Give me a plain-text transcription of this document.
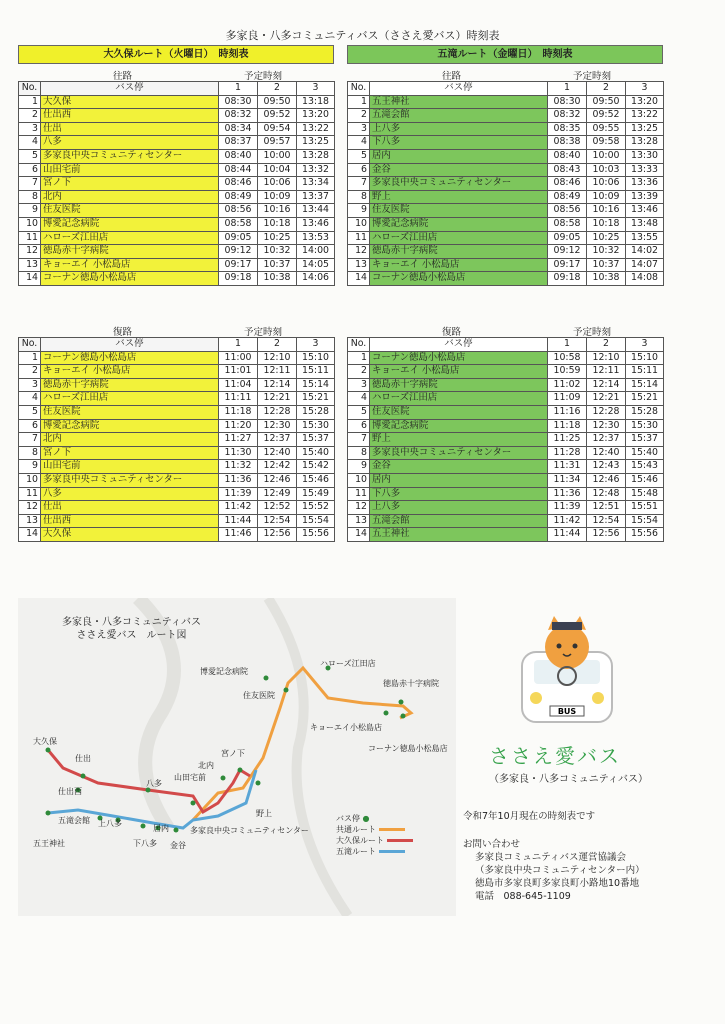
多家良・八多コミュニティバス（ささえ愛バス）時刻表
大久保ルート（火曜日）　時刻表
往路	予定時刻
No.	バス停	1	2	3
1	大久保	08:30	09:50	13:18
2	仕出西	08:32	09:52	13:20
3	仕出	08:34	09:54	13:22
4	八多	08:37	09:57	13:25
5	多家良中央コミュニティセンター	08:40	10:00	13:28
6	山田宅前	08:44	10:04	13:32
7	宮ノ下	08:46	10:06	13:34
8	北内	08:49	10:09	13:37
9	住友医院	08:56	10:16	13:44
10	博愛記念病院	08:58	10:18	13:46
11	ハローズ江田店	09:05	10:25	13:53
12	徳島赤十字病院	09:12	10:32	14:00
13	キョーエイ 小松島店	09:17	10:37	14:05
14	コーナン徳島小松島店	09:18	10:38	14:06
五滝ルート（金曜日）　時刻表
往路	予定時刻
No.	バス停	1	2	3
1	五王神社	08:30	09:50	13:20
2	五滝会館	08:32	09:52	13:22
3	上八多	08:35	09:55	13:25
4	下八多	08:38	09:58	13:28
5	居内	08:40	10:00	13:30
6	金谷	08:43	10:03	13:33
7	多家良中央コミュニティセンター	08:46	10:06	13:36
8	野上	08:49	10:09	13:39
9	住友医院	08:56	10:16	13:46
10	博愛記念病院	08:58	10:18	13:48
11	ハローズ江田店	09:05	10:25	13:55
12	徳島赤十字病院	09:12	10:32	14:02
13	キョーエイ 小松島店	09:17	10:37	14:07
14	コーナン徳島小松島店	09:18	10:38	14:08
復路	予定時刻
No.	バス停	1	2	3
1	コーナン徳島小松島店	11:00	12:10	15:10
2	キョーエイ 小松島店	11:01	12:11	15:11
3	徳島赤十字病院	11:04	12:14	15:14
4	ハローズ江田店	11:11	12:21	15:21
5	住友医院	11:18	12:28	15:28
6	博愛記念病院	11:20	12:30	15:30
7	北内	11:27	12:37	15:37
8	宮ノ下	11:30	12:40	15:40
9	山田宅前	11:32	12:42	15:42
10	多家良中央コミュニティセンター	11:36	12:46	15:46
11	八多	11:39	12:49	15:49
12	仕出	11:42	12:52	15:52
13	仕出西	11:44	12:54	15:54
14	大久保	11:46	12:56	15:56
復路	予定時刻
No.	バス停	1	2	3
1	コーナン徳島小松島店	10:58	12:10	15:10
2	キョーエイ 小松島店	10:59	12:11	15:11
3	徳島赤十字病院	11:02	12:14	15:14
4	ハローズ江田店	11:09	12:21	15:21
5	住友医院	11:16	12:28	15:28
6	博愛記念病院	11:18	12:30	15:30
7	野上	11:25	12:37	15:37
8	多家良中央コミュニティセンター	11:28	12:40	15:40
9	金谷	11:31	12:43	15:43
10	居内	11:34	12:46	15:46
11	下八多	11:36	12:48	15:48
12	上八多	11:39	12:51	15:51
13	五滝会館	11:42	12:54	15:54
14	五王神社	11:44	12:56	15:56
多家良・八多コミュニティバス
ささえ愛バス　ルート図
博愛記念病院
住友医院
ハローズ江田店
徳島赤十字病院
キョーエイ小松島店
コーナン徳島小松島店
大久保
仕出
仕出西
八多
山田宅前
北内
宮ノ下
野上
五滝会館 上八多
下八多
居内
金谷
多家良中央コミュニティセンター
五王神社
バス停 ●
共通ルート
大久保ルート
五滝ルート
BUS
ささえ愛バス
（多家良・八多コミュニティバス）
令和7年10月現在の時刻表です
お問い合わせ
多家良コミュニティバス運営協議会
（多家良中央コミュニティセンター内）
徳島市多家良町多家良町小路地10番地
電話　088-645-1109
